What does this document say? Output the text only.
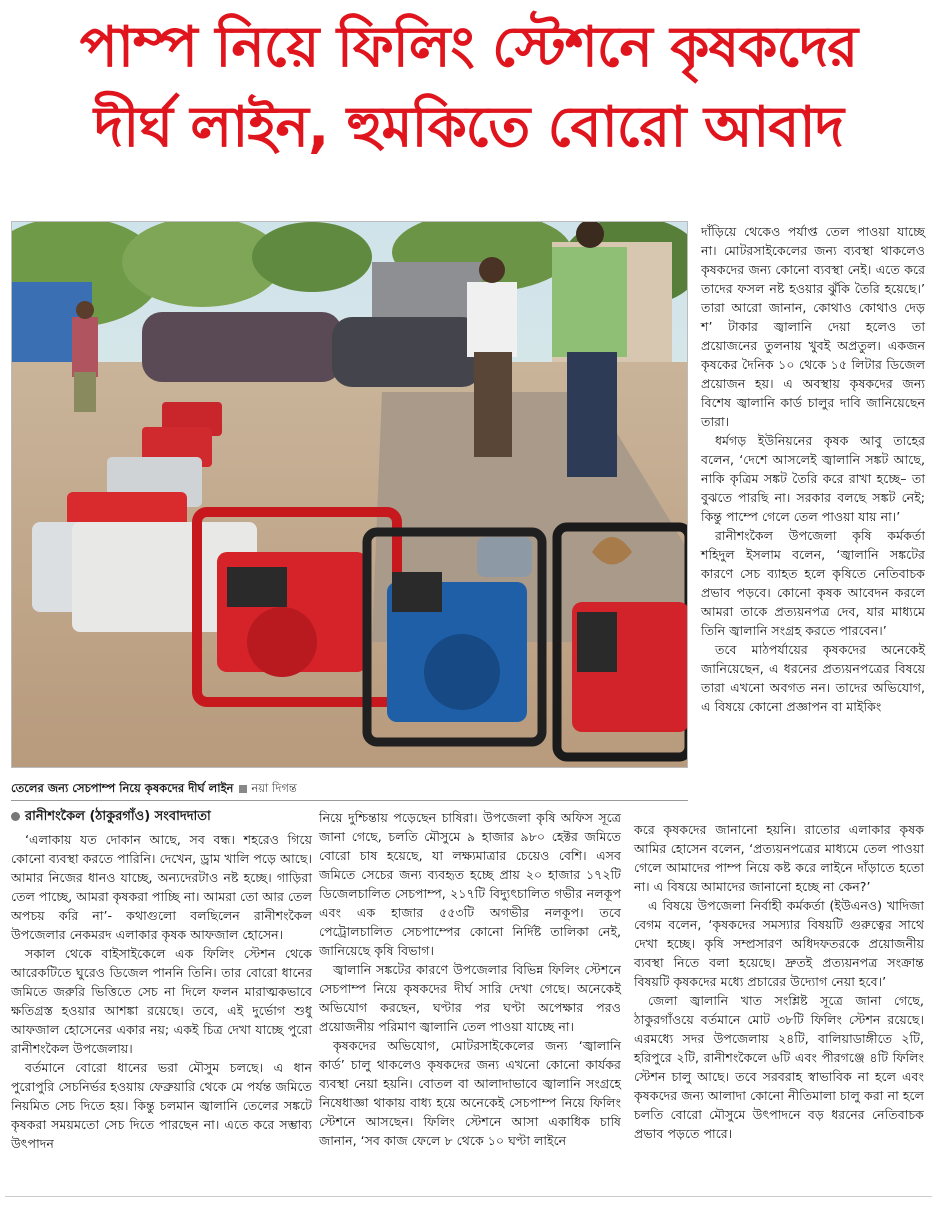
পাম্প নিয়ে ফিলিং স্টেশনে কৃষকদের
দীর্ঘ লাইন, হুমকিতে বোরো আবাদ
তেলের জন্য সেচপাম্প নিয়ে কৃষকদের দীর্ঘ লাইন নয়া দিগন্ত
রানীশংকৈল (ঠাকুরগাঁও) সংবাদদাতা

‘এলাকায় যত দোকান আছে, সব বন্ধ। শহরেও গিয়ে কোনো ব্যবস্থা করতে পারিনি। দেখেন, ড্রাম খালি পড়ে আছে। আমার নিজের ধানও যাচ্ছে, অন্যদেরটাও নষ্ট হচ্ছে। গাড়িরা তেল পাচ্ছে, আমরা কৃষকরা পাচ্ছি না। আমরা তো আর তেল অপচয় করি না’- কথাগুলো বলছিলেন রানীশংকৈল উপজেলার নেকমরদ এলাকার কৃষক আফজাল হোসেন।

সকাল থেকে বাইসাইকেলে এক ফিলিং স্টেশন থেকে আরেকটিতে ঘুরেও ডিজেল পাননি তিনি। তার বোরো ধানের জমিতে জরুরি ভিত্তিতে সেচ না দিলে ফলন মারাত্মকভাবে ক্ষতিগ্রস্ত হওয়ার আশঙ্কা রয়েছে। তবে, এই দুর্ভোগ শুধু আফজাল হোসেনের একার নয়; একই চিত্র দেখা যাচ্ছে পুরো রানীশংকৈল উপজেলায়।

বর্তমানে বোরো ধানের ভরা মৌসুম চলছে। এ ধান পুরোপুরি সেচনির্ভর হওয়ায় ফেব্রুয়ারি থেকে মে পর্যন্ত জমিতে নিয়মিত সেচ দিতে হয়। কিন্তু চলমান জ্বালানি তেলের সঙ্কটে কৃষকরা সময়মতো সেচ দিতে পারছেন না। এতে করে সম্ভাব্য উৎপাদন

নিয়ে দুশ্চিন্তায় পড়েছেন চাষিরা। উপজেলা কৃষি অফিস সূত্রে জানা গেছে, চলতি মৌসুমে ৯ হাজার ৯৮০ হেক্টর জমিতে বোরো চাষ হয়েছে, যা লক্ষ্যমাত্রার চেয়েও বেশি। এসব জমিতে সেচের জন্য ব্যবহৃত হচ্ছে প্রায় ২০ হাজার ১৭২টি ডিজেলচালিত সেচপাম্প, ২১৭টি বিদ্যুৎচালিত গভীর নলকূপ এবং এক হাজার ৫৫৩টি অগভীর নলকূপ। তবে পেট্রোলচালিত সেচপাম্পের কোনো নির্দিষ্ট তালিকা নেই, জানিয়েছে কৃষি বিভাগ।

জ্বালানি সঙ্কটের কারণে উপজেলার বিভিন্ন ফিলিং স্টেশনে সেচপাম্প নিয়ে কৃষকদের দীর্ঘ সারি দেখা গেছে। অনেকেই অভিযোগ করছেন, ঘণ্টার পর ঘণ্টা অপেক্ষার পরও প্রয়োজনীয় পরিমাণ জ্বালানি তেল পাওয়া যাচ্ছে না।

কৃষকদের অভিযোগ, মোটরসাইকেলের জন্য ‘জ্বালানি কার্ড’ চালু থাকলেও কৃষকদের জন্য এখনো কোনো কার্যকর ব্যবস্থা নেয়া হয়নি। বোতল বা আলাদাভাবে জ্বালানি সংগ্রহে নিষেধাজ্ঞা থাকায় বাধ্য হয়ে অনেকেই সেচপাম্প নিয়ে ফিলিং স্টেশনে আসছেন। ফিলিং স্টেশনে আসা একাধিক চাষি জানান, ‘সব কাজ ফেলে ৮ থেকে ১০ ঘণ্টা লাইনে

দাঁড়িয়ে থেকেও পর্যাপ্ত তেল পাওয়া যাচ্ছে না। মোটরসাইকেলের জন্য ব্যবস্থা থাকলেও কৃষকদের জন্য কোনো ব্যবস্থা নেই। এতে করে তাদের ফসল নষ্ট হওয়ার ঝুঁকি তৈরি হয়েছে।’ তারা আরো জানান, কোথাও কোথাও দেড় শ’ টাকার জ্বালানি দেয়া হলেও তা প্রয়োজনের তুলনায় খুবই অপ্রতুল। একজন কৃষকের দৈনিক ১০ থেকে ১৫ লিটার ডিজেল প্রয়োজন হয়। এ অবস্থায় কৃষকদের জন্য বিশেষ জ্বালানি কার্ড চালুর দাবি জানিয়েছেন তারা।

ধর্মগড় ইউনিয়নের কৃষক আবু তাহের বলেন, ‘দেশে আসলেই জ্বালানি সঙ্কট আছে, নাকি কৃত্রিম সঙ্কট তৈরি করে রাখা হচ্ছে– তা বুঝতে পারছি না। সরকার বলছে সঙ্কট নেই; কিন্তু পাম্পে গেলে তেল পাওয়া যায় না।’

রানীশংকৈল উপজেলা কৃষি কর্মকর্তা শহিদুল ইসলাম বলেন, ‘জ্বালানি সঙ্কটের কারণে সেচ ব্যাহত হলে কৃষিতে নেতিবাচক প্রভাব পড়বে। কোনো কৃষক আবেদন করলে আমরা তাকে প্রত্যয়নপত্র দেব, যার মাধ্যমে তিনি জ্বালানি সংগ্রহ করতে পারবেন।’

তবে মাঠপর্যায়ের কৃষকদের অনেকেই জানিয়েছেন, এ ধরনের প্রত্যয়নপত্রের বিষয়ে তারা এখনো অবগত নন। তাদের অভিযোগ, এ বিষয়ে কোনো প্রজ্ঞাপন বা মাইকিং

করে কৃষকদের জানানো হয়নি। রাতোর এলাকার কৃষক আমির হোসেন বলেন, ‘প্রত্যয়নপত্রের মাধ্যমে তেল পাওয়া গেলে আমাদের পাম্প নিয়ে কষ্ট করে লাইনে দাঁড়াতে হতো না। এ বিষয়ে আমাদের জানানো হচ্ছে না কেন?’

এ বিষয়ে উপজেলা নির্বাহী কর্মকর্তা (ইউএনও) খাদিজা বেগম বলেন, ‘কৃষকদের সমস্যার বিষয়টি গুরুত্বের সাথে দেখা হচ্ছে। কৃষি সম্প্রসারণ অধিদফতরকে প্রয়োজনীয় ব্যবস্থা নিতে বলা হয়েছে। দ্রুতই প্রত্যয়নপত্র সংক্রান্ত বিষয়টি কৃষকদের মধ্যে প্রচারের উদ্যোগ নেয়া হবে।’

জেলা জ্বালানি খাত সংশ্লিষ্ট সূত্রে জানা গেছে, ঠাকুরগাঁওয়ে বর্তমানে মোট ৩৮টি ফিলিং স্টেশন রয়েছে। এরমধ্যে সদর উপজেলায় ২৪টি, বালিয়াডাঙ্গীতে ২টি, হরিপুরে ২টি, রানীশংকৈলে ৬টি এবং পীরগঞ্জে ৪টি ফিলিং স্টেশন চালু আছে। তবে সরবরাহ স্বাভাবিক না হলে এবং কৃষকদের জন্য আলাদা কোনো নীতিমালা চালু করা না হলে চলতি বোরো মৌসুমে উৎপাদনে বড় ধরনের নেতিবাচক প্রভাব পড়তে পারে।
